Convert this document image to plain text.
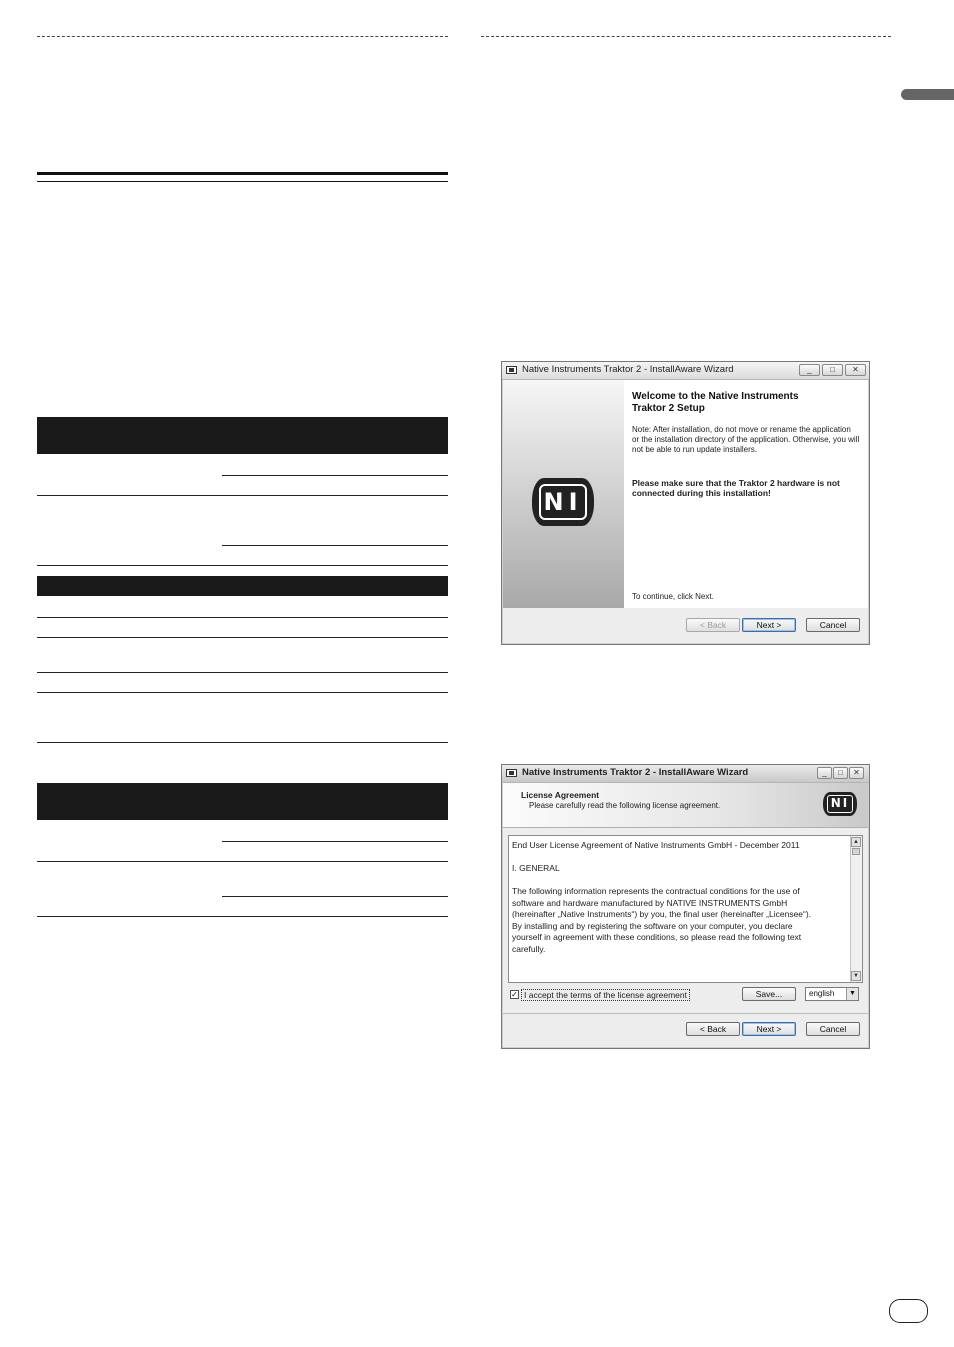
Native Instruments Traktor 2 - InstallAware Wizard	_	□	✕
NI
Welcome to the Native Instruments
Traktor 2 Setup
Note: After installation, do not move or rename the application
or the installation directory of the application. Otherwise, you will
not be able to run update installers.
Please make sure that the Traktor 2 hardware is not
connected during this installation!
To continue, click Next.
< Back	Next >	Cancel
Native Instruments Traktor 2 - InstallAware Wizard	_	□	✕
License Agreement
Please carefully read the following license agreement.	NI

End User License Agreement of Native Instruments GmbH - December 2011

I. GENERAL

The following information represents the contractual conditions for the use of

software and hardware manufactured by NATIVE INSTRUMENTS GmbH

(hereinafter „Native Instruments“) by you, the final user (hereinafter „Licensee“).

By installing and by registering the software on your computer, you declare

yourself in agreement with these conditions, so please read the following text

carefully.

▲
▼
✓ I accept the terms of the license agreement	Save...	english	▼
< Back	Next >	Cancel
